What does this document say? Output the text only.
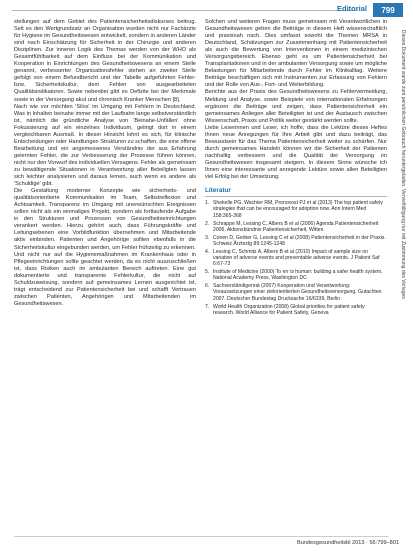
Editorial	799

stellungen auf dem Gebiet des Patientensicherheitsdiskurses beitrug. Seit es den Wertgrundsatz an Organisation wurden nicht nur Fachärzte für Hygiene im Gesundheitswesen entwickelt, sondern in anderen Länder sind nach Einschätzung für Sicherheit in der Chirurgie und anderen Disziplinen. Zur inneren Logik des Themas werden von der WHO als Gesamtfühlbarkeit auf dem Einfluss bei der Kommunikation und Kooperation in Einrichtungen des Gesundheitswesens an einem Stelle genannt, verbesserter Organisationsfehler stehen an zweiter Stelle gefolgt von einem Befundbericht und der Tabelle aufgeführten Fehler- bzw. Sicherheitskultur, dem Fehlen von ausgearbeiteten Qualitätsindikatoren. Sowie nebenbei gibt es Defizite bei der Merkmale sowie in der Versorgung akut und chronisch Kranker Menschen [8].

Nach wie vor möchten 'Silos' im Umgang mit Fehlern in Deutschland. Was in Inhalten beinahe immer mit der Laufbahn lange selbstverständlich ist, nämlich die gründliche Analyse von 'Beinahe-Unfällen' ohne Fokussierung auf ein einzelnes Individuum, gelingt dort in einem vergleichbaren Ausmaß. In dieser Hinsicht lohnt es sich, für klinische Entscheidungen oder Handlungen Strukturen zu schaffen, die eine offene Bearbeitung und ein angemessenes Verständnis der aus Erfahrung gelernten Fehler, die zur Verbesserung der Prozesse führen können, nicht nur den Vorwurf des individuellen Versagens. Fehler als gemeinsam zu bewältigende Situationen in Verantwortung aller Beteiligten lassen sich leichter analysieren und daraus lernen, auch wenn es andere als 'Schuldige' gibt.

Die Gestaltung moderner Konzepte wie sicherheits- und qualitätsorientierte Kommunikation im Team, Selbstreflexion und Achtsamkeit, Transparenz im Umgang mit unerwünschten Ereignissen sollen nicht als ein einmaliges Projekt, sondern als fortlaufende Aufgabe in den Strukturen und Prozessen von Gesundheitseinrichtungen verankert werden. Hierzu gehört auch, dass Führungskräfte und Leitungsebenen eine Vorbildfunktion übernehmen und Mitarbeitende aktiv einbinden. Patienten und Angehörige sollten ebenfalls in die Sicherheitskultur eingebunden werden, um Fehler frühzeitig zu erkennen.

Und nicht nur auf die Hygienemaßnahmen im Krankenhaus oder in Pflegeeinrichtungen sollte geachtet werden, da es nicht auszuschließen ist, dass Risiken auch im ambulanten Bereich auftreten. Eine gut dokumentierte und transparente Fehlerkultur, die nicht auf Schuldzuweisung, sondern auf gemeinsames Lernen ausgerichtet ist, trägt entscheidend zur Patientensicherheit bei und schafft Vertrauen zwischen Patienten, Angehörigen und Mitarbeitenden im Gesundheitswesen.

Solchen und weiteren Fragen muss gemeinsam mit Verantwortlichen in Gesundheitswesen gehen die Beiträge in diesem Heft wissenschaftlich und praxisnah nach. Dies umfasst sowohl die Themen MRSA in Deutschland, Schätzungen zur Zusammenhang mit Patientensicherheit als auch die Bewertung von Interventionen in einem medizinischen Versorgungsbereich. Ebenso geht es um Patientensicherheit bei Transplantationen und in der ambulanten Versorgung sowie um mögliche Belastungen für Mitarbeitende durch Fehler im Klinikalltag. Weitere Beiträge beschäftigen sich mit Instrumenten zur Erfassung von Fehlern und der Rolle von Aus-, Fort- und Weiterbildung.

Berichte aus der Praxis des Gesundheitswesens zu Fehlervermeidung, Meldung und Analyse, sowie Beispiele von internationalen Erfahrungen ergänzen die Beiträge und zeigen, dass Patientensicherheit ein gemeinsames Anliegen aller Beteiligten ist und der Austausch zwischen Wissenschaft, Praxis und Politik weiter gestärkt werden sollte.

Liebe Leserinnen und Leser, ich hoffe, dass die Lektüre dieses Heftes Ihnen neue Anregungen für Ihre Arbeit gibt und dazu beiträgt, das Bewusstsein für das Thema Patientensicherheit weiter zu schärfen. Nur durch gemeinsames Handeln können wir die Sicherheit der Patienten nachhaltig verbessern und die Qualität der Versorgung im Gesundheitswesen insgesamt steigern. In diesem Sinne wünsche ich Ihnen eine interessante und anregende Lektüre sowie allen Beteiligten viel Erfolg bei der Umsetzung.

Literatur
1. Shekelle PG, Wachter RM, Pronovost PJ et al (2013) The top patient safety strategies that can be encouraged for adoption now. Ann Intern Med 158:365-368
2. Schrappe M, Lessing C, Albers B et al (2006) Agenda Patientensicherheit 2006. Aktionsbündnis Patientensicherheit, Witten
3. Conen D, Gerber G, Lessing C et al (2008) Patientensicherheit in der Praxis. Schweiz Ärzteztg 89:1245-1248
4. Lessing C, Schmitz A, Albers B et al (2010) Impact of sample size on variation of adverse events and preventable adverse events. J Patient Saf 6:67-73
5. Institute of Medicine (2000) To err is human: building a safer health system. National Academy Press, Washington DC
6. Sachverständigenrat (2007) Kooperation und Verantwortung: Voraussetzungen einer zielorientierten Gesundheitsversorgung. Gutachten 2007. Deutscher Bundestag Drucksache 16/6339, Berlin
7. World Health Organization (2008) Global priorities for patient safety research. World Alliance for Patient Safety, Geneva
Dieses Dokument wurde zum persönlichen Gebrauch heruntergeladen. Vervielfältigung nur mit Zustimmung des Verlages.
Bundesgesundheitsbl 2013 · 56:799–801
